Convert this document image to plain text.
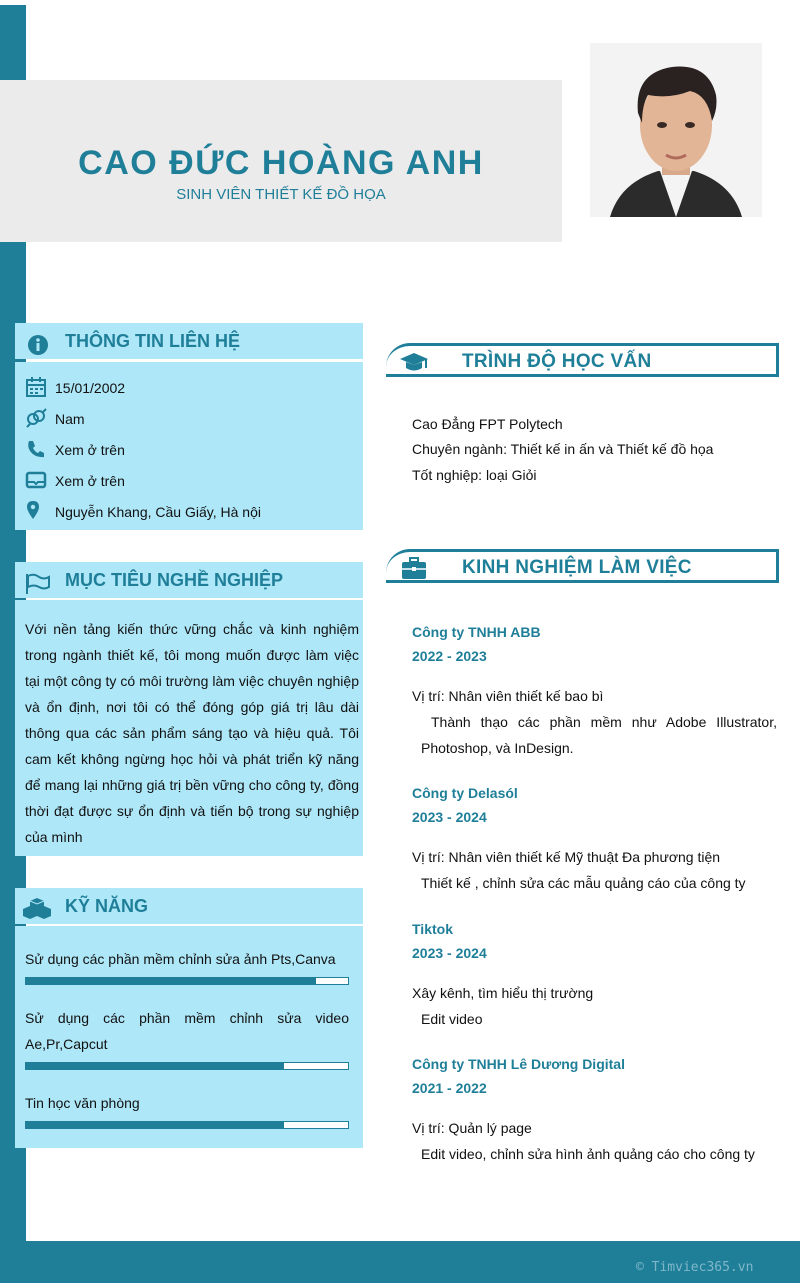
CAO ĐỨC HOÀNG ANH
SINH VIÊN THIẾT KẾ ĐỒ HỌA
THÔNG TIN LIÊN HỆ
15/01/2002
Nam
Xem ở trên
Xem ở trên
Nguyễn Khang, Cầu Giấy, Hà nội
MỤC TIÊU NGHỀ NGHIỆP
Với nền tảng kiến thức vững chắc và kinh nghiệm trong ngành thiết kế, tôi mong muốn được làm việc tại một công ty có môi trường làm việc chuyên nghiệp và ổn định, nơi tôi có thể đóng góp giá trị lâu dài thông qua các sản phẩm sáng tạo và hiệu quả. Tôi cam kết không ngừng học hỏi và phát triển kỹ năng để mang lại những giá trị bền vững cho công ty, đồng thời đạt được sự ổn định và tiến bộ trong sự nghiệp của mình
KỸ NĂNG
Sử dụng các phần mềm chỉnh sửa ảnh Pts,Canva
Sử dụng các phần mềm chỉnh sửa video Ae,Pr,Capcut
Tin học văn phòng
TRÌNH ĐỘ HỌC VẤN
Cao Đẳng FPT Polytech
Chuyên ngành: Thiết kế in ấn và Thiết kế đồ họa
Tốt nghiệp: loại Giỏi
KINH NGHIỆM LÀM VIỆC
Công ty TNHH ABB
2022 - 2023
Vị trí: Nhân viên thiết kế bao bì
Thành thạo các phần mềm như Adobe Illustrator, Photoshop, và InDesign.
Công ty Delasól
2023 - 2024
Vị trí: Nhân viên thiết kế Mỹ thuật Đa phương tiện
Thiết kế , chỉnh sửa các mẫu quảng cáo của công ty
Tiktok
2023 - 2024
Xây kênh, tìm hiểu thị trường
Edit video
Công ty TNHH Lê Dương Digital
2021 - 2022
Vị trí: Quản lý page
Edit video, chỉnh sửa hình ảnh quảng cáo cho công ty
© Timviec365.vn
